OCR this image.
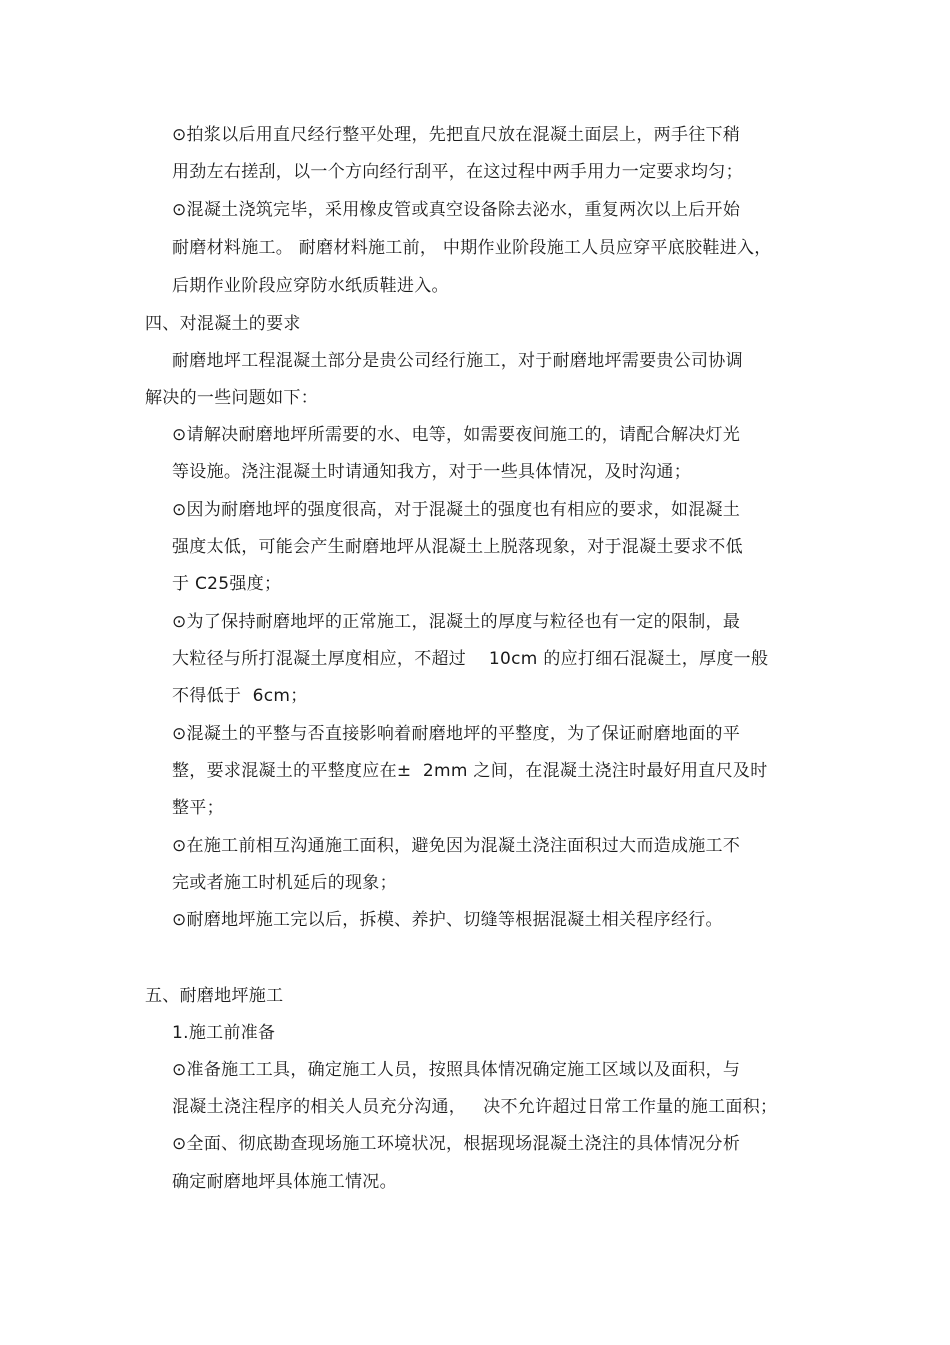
⊙拍浆以后用直尺经行整平处理，先把直尺放在混凝土面层上，两手往下稍
用劲左右搓刮，以一个方向经行刮平，在这过程中两手用力一定要求均匀；
⊙混凝土浇筑完毕，采用橡皮管或真空设备除去泌水，重复两次以上后开始
耐磨材料施工。 耐磨材料施工前， 中期作业阶段施工人员应穿平底胶鞋进入，
后期作业阶段应穿防水纸质鞋进入。
四、对混凝土的要求
耐磨地坪工程混凝土部分是贵公司经行施工，对于耐磨地坪需要贵公司协调
解决的一些问题如下：
⊙请解决耐磨地坪所需要的水、电等，如需要夜间施工的，请配合解决灯光
等设施。浇注混凝土时请通知我方，对于一些具体情况，及时沟通；
⊙因为耐磨地坪的强度很高，对于混凝土的强度也有相应的要求，如混凝土
强度太低，可能会产生耐磨地坪从混凝土上脱落现象，对于混凝土要求不低
于 C25强度；
⊙为了保持耐磨地坪的正常施工，混凝土的厚度与粒径也有一定的限制，最
大粒径与所打混凝土厚度相应，不超过    10cm 的应打细石混凝土，厚度一般
不得低于  6cm；
⊙混凝土的平整与否直接影响着耐磨地坪的平整度，为了保证耐磨地面的平
整，要求混凝土的平整度应在±  2mm 之间，在混凝土浇注时最好用直尺及时
整平；
⊙在施工前相互沟通施工面积，避免因为混凝土浇注面积过大而造成施工不
完或者施工时机延后的现象；
⊙耐磨地坪施工完以后，拆模、养护、切缝等根据混凝土相关程序经行。
五、耐磨地坪施工
1.施工前准备
⊙准备施工工具，确定施工人员，按照具体情况确定施工区域以及面积，与
混凝土浇注程序的相关人员充分沟通，   决不允许超过日常工作量的施工面积；
⊙全面、彻底勘查现场施工环境状况，根据现场混凝土浇注的具体情况分析
确定耐磨地坪具体施工情况。
